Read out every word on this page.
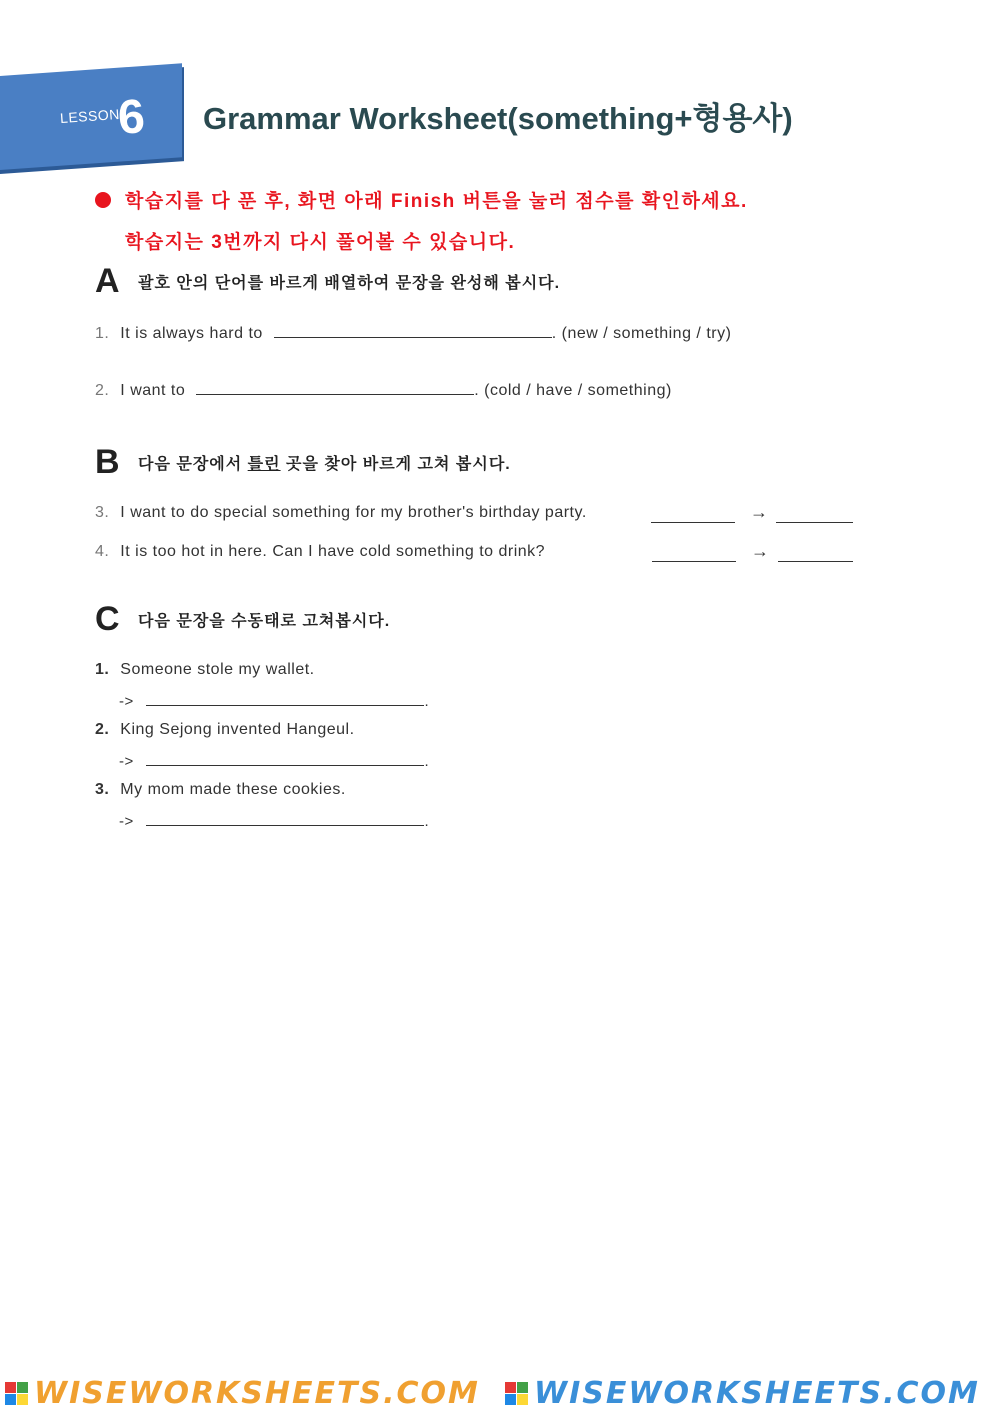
LESSON
6 Grammar Worksheet(something+형용사)
학습지를 다 푼 후, 화면 아래 Finish 버튼을 눌러 점수를 확인하세요.
학습지는 3번까지 다시 풀어볼 수 있습니다.
A 괄호 안의 단어를 바르게 배열하여 문장을 완성해 봅시다.
1. It is always hard to	. (new / something / try)
2. I want to	. (cold / have / something)
B 다음 문장에서 틀린 곳을 찾아 바르게 고쳐 봅시다.
3. I want to do special something for my brother's birthday party.	→
4. It is too hot in here. Can I have cold something to drink?	→
C 다음 문장을 수동태로 고쳐봅시다.
1. Someone stole my wallet.
->	.
2. King Sejong invented Hangeul.
->	.
3. My mom made these cookies.
->	.
WISEWORKSHEETS.COM WISEWORKSHEETS.COM
